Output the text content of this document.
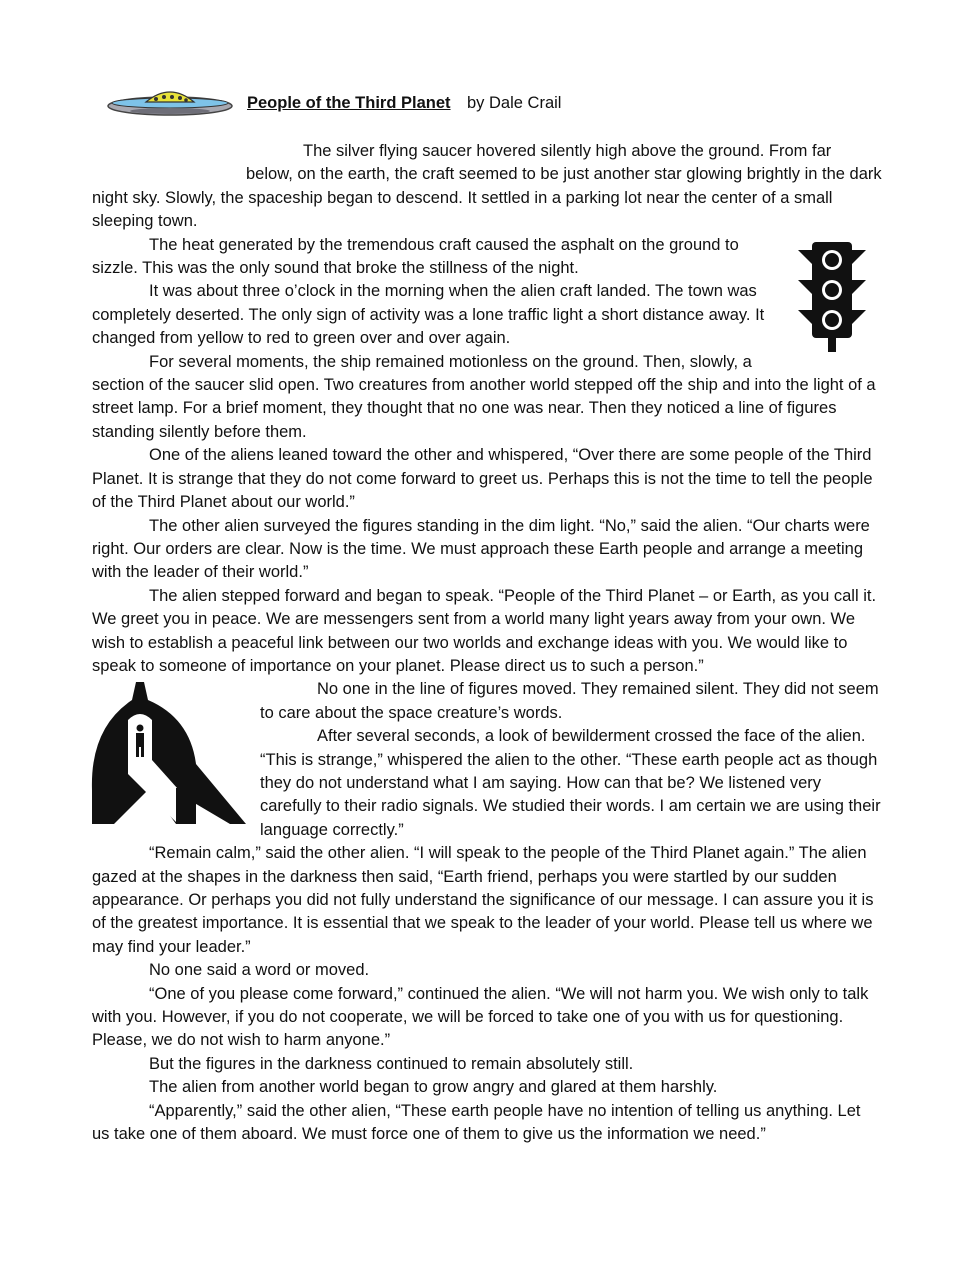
People of the Third Planet by Dale Crail

The silver flying saucer hovered silently high above the ground. From far below, on the earth, the craft seemed to be just another star glowing brightly in the dark night sky. Slowly, the spaceship began to descend. It settled in a parking lot near the center of a small sleeping town.

The heat generated by the tremendous craft caused the asphalt on the ground to sizzle. This was the only sound that broke the stillness of the night.

It was about three o’clock in the morning when the alien craft landed. The town was completely deserted. The only sign of activity was a lone traffic light a short distance away. It changed from yellow to red to green over and over again.

For several moments, the ship remained motionless on the ground. Then, slowly, a section of the saucer slid open. Two creatures from another world stepped off the ship and into the light of a street lamp. For a brief moment, they thought that no one was near. Then they noticed a line of figures standing silently before them.

One of the aliens leaned toward the other and whispered, “Over there are some people of the Third Planet. It is strange that they do not come forward to greet us. Perhaps this is not the time to tell the people of the Third Planet about our world.”

The other alien surveyed the figures standing in the dim light. “No,” said the alien. “Our charts were right. Our orders are clear. Now is the time. We must approach these Earth people and arrange a meeting with the leader of their world.”

The alien stepped forward and began to speak. “People of the Third Planet – or Earth, as you call it. We greet you in peace. We are messengers sent from a world many light years away from your own. We wish to establish a peaceful link between our two worlds and exchange ideas with you. We would like to speak to someone of importance on your planet. Please direct us to such a person.”

No one in the line of figures moved. They remained silent. They did not seem to care about the space creature’s words.

After several seconds, a look of bewilderment crossed the face of the alien. “This is strange,” whispered the alien to the other. “These earth people act as though they do not understand what I am saying. How can that be? We listened very carefully to their radio signals. We studied their words. I am certain we are using their language correctly.”

“Remain calm,” said the other alien. “I will speak to the people of the Third Planet again.” The alien gazed at the shapes in the darkness then said, “Earth friend, perhaps you were startled by our sudden appearance. Or perhaps you did not fully understand the significance of our message. I can assure you it is of the greatest importance. It is essential that we speak to the leader of your world. Please tell us where we may find your leader.”

No one said a word or moved.

“One of you please come forward,” continued the alien. “We will not harm you. We wish only to talk with you. However, if you do not cooperate, we will be forced to take one of you with us for questioning. Please, we do not wish to harm anyone.”

But the figures in the darkness continued to remain absolutely still.

The alien from another world began to grow angry and glared at them harshly.

“Apparently,” said the other alien, “These earth people have no intention of telling us anything. Let us take one of them aboard. We must force one of them to give us the information we need.”
